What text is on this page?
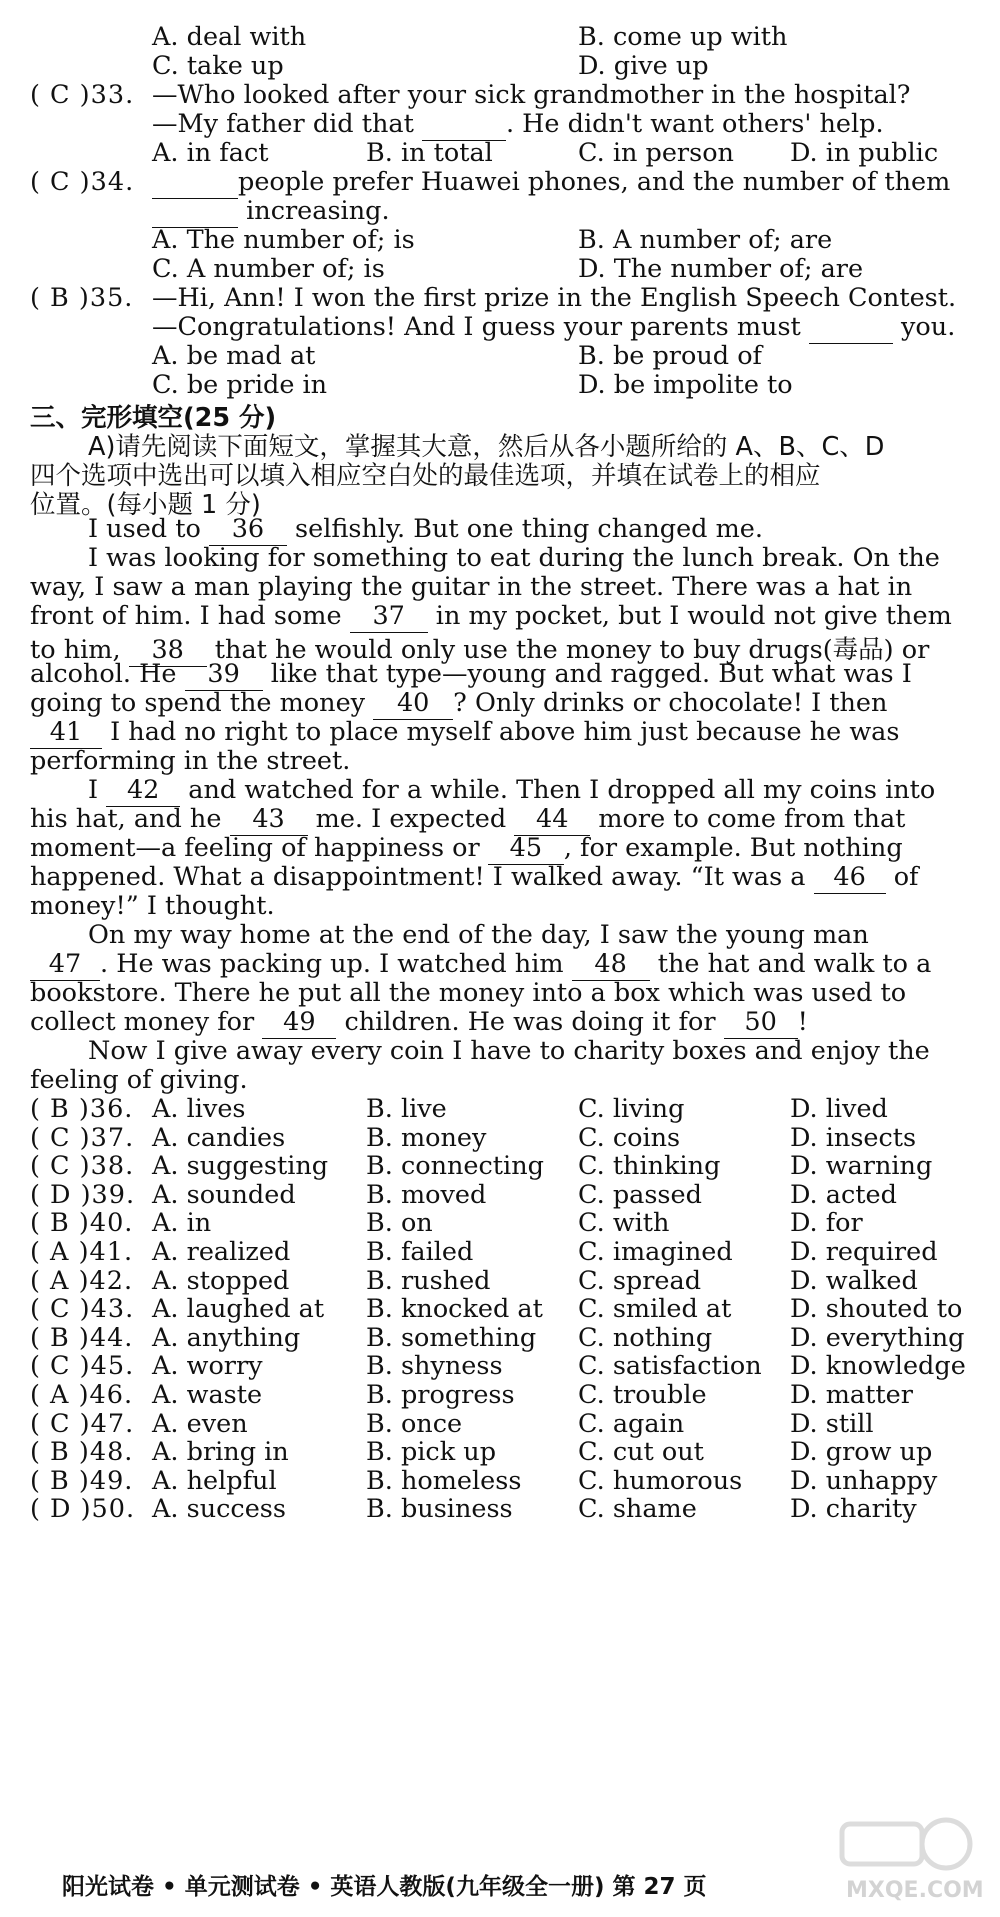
A. deal with	B. come up with
C. take up	D. give up
( C )33. —Who looked after your sick grandmother in the hospital?
—My father did that	. He didn't want others' help.
A. in fact	B. in total	C. in person D. in public
( C )34.	people prefer Huawei phones, and the number of them
increasing.
A. The number of; is	B. A number of; are
C. A number of; is	D. The number of; are
( B )35. —Hi, Ann! I won the first prize in the English Speech Contest.
—Congratulations! And I guess your parents must	you.
A. be mad at	B. be proud of
C. be pride in	D. be impolite to
三、完形填空(25 分)
A)请先阅读下面短文，掌握其大意，然后从各小题所给的 A、B、C、D
四个选项中选出可以填入相应空白处的最佳选项，并填在试卷上的相应
位置。(每小题 1 分)
I used to 36 selfishly. But one thing changed me.
I was looking for something to eat during the lunch break. On the
way, I saw a man playing the guitar in the street. There was a hat in
front of him. I had some 37 in my pocket, but I would not give them
to him, 38 that he would only use the money to buy drugs(毒品) or
alcohol. He 39 like that type—young and ragged. But what was I
going to spend the money 40 ? Only drinks or chocolate! I then
41 I had no right to place myself above him just because he was
performing in the street.
I 42 and watched for a while. Then I dropped all my coins into
his hat, and he 43 me. I expected 44 more to come from that
moment—a feeling of happiness or 45 , for example. But nothing
happened. What a disappointment! I walked away. “It was a 46 of
money!” I thought.
On my way home at the end of the day, I saw the young man
47 . He was packing up. I watched him 48 the hat and walk to a
bookstore. There he put all the money into a box which was used to
collect money for 49 children. He was doing it for 50 !
Now I give away every coin I have to charity boxes and enjoy the
feeling of giving.
( B )36. A. lives	B. live	C. living	D. lived
( C )37. A. candies	B. money	C. coins	D. insects
( C )38. A. suggesting B. connecting C. thinking	D. warning
( D )39. A. sounded	B. moved	C. passed	D. acted
( B )40. A. in	B. on	C. with	D. for
( A )41. A. realized	B. failed	C. imagined D. required
( A )42. A. stopped	B. rushed	C. spread	D. walked
( C )43. A. laughed at B. knocked at C. smiled at D. shouted to
( B )44. A. anything	B. something C. nothing	D. everything
( C )45. A. worry	B. shyness	C. satisfaction D. knowledge
( A )46. A. waste	B. progress C. trouble	D. matter
( C )47. A. even	B. once	C. again	D. still
( B )48. A. bring in	B. pick up	C. cut out	D. grow up
( B )49. A. helpful	B. homeless C. humorous D. unhappy
( D )50. A. success	B. business	C. shame	D. charity
阳光试卷 • 单元测试卷 • 英语人教版(九年级全一册) 第 27 页	MXQE.COM
